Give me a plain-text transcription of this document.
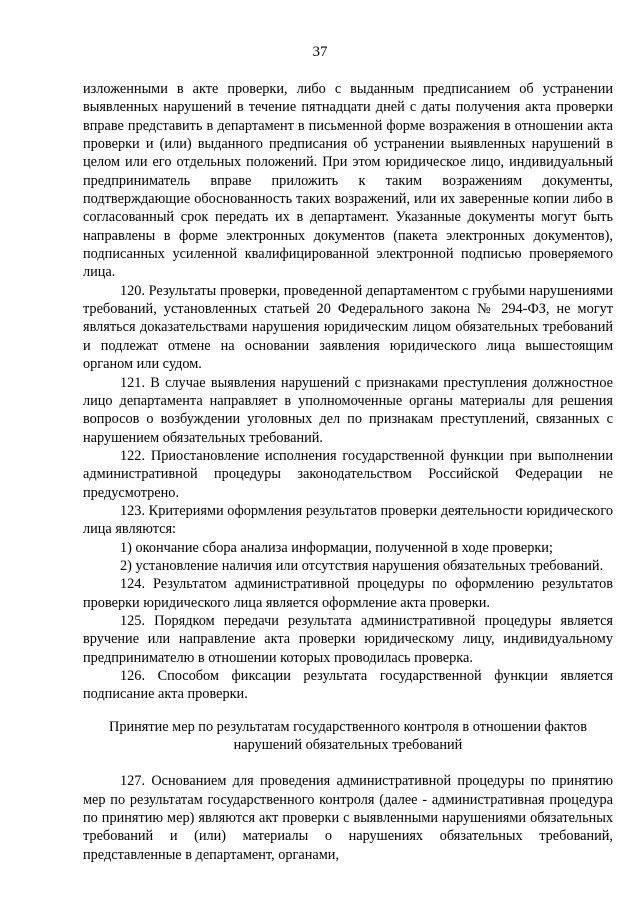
37

изложенными в акте проверки, либо с выданным предписанием об устранении выявленных нарушений в течение пятнадцати дней с даты получения акта проверки вправе представить в департамент в письменной форме возражения в отношении акта проверки и (или) выданного предписания об устранении выявленных нарушений в целом или его отдельных положений. При этом юридическое лицо, индивидуальный предприниматель вправе приложить к таким возражениям документы, подтверждающие обоснованность таких возражений, или их заверенные копии либо в согласованный срок передать их в департамент. Указанные документы могут быть направлены в форме электронных документов (пакета электронных документов), подписанных усиленной квалифицированной электронной подписью проверяемого лица.

120. Результаты проверки, проведенной департаментом с грубыми нарушениями требований, установленных статьей 20 Федерального закона № 294-ФЗ, не могут являться доказательствами нарушения юридическим лицом обязательных требований и подлежат отмене на основании заявления юридического лица вышестоящим органом или судом.

121. В случае выявления нарушений с признаками преступления должностное лицо департамента направляет в уполномоченные органы материалы для решения вопросов о возбуждении уголовных дел по признакам преступлений, связанных с нарушением обязательных требований.

122. Приостановление исполнения государственной функции при выполнении административной процедуры законодательством Российской Федерации не предусмотрено.

123. Критериями оформления результатов проверки деятельности юридического лица являются:

1) окончание сбора анализа информации, полученной в ходе проверки;

2) установление наличия или отсутствия нарушения обязательных требований.

124. Результатом административной процедуры по оформлению результатов проверки юридического лица является оформление акта проверки.

125. Порядком передачи результата административной процедуры является вручение или направление акта проверки юридическому лицу, индивидуальному предпринимателю в отношении которых проводилась проверка.

126. Способом фиксации результата государственной функции является подписание акта проверки.

Принятие мер по результатам государственного контроля в отношении фактов нарушений обязательных требований

127. Основанием для проведения административной процедуры по принятию мер по результатам государственного контроля (далее - административная процедура по принятию мер) являются акт проверки с выявленными нарушениями обязательных требований и (или) материалы о нарушениях обязательных требований, представленные в департамент, органами,
